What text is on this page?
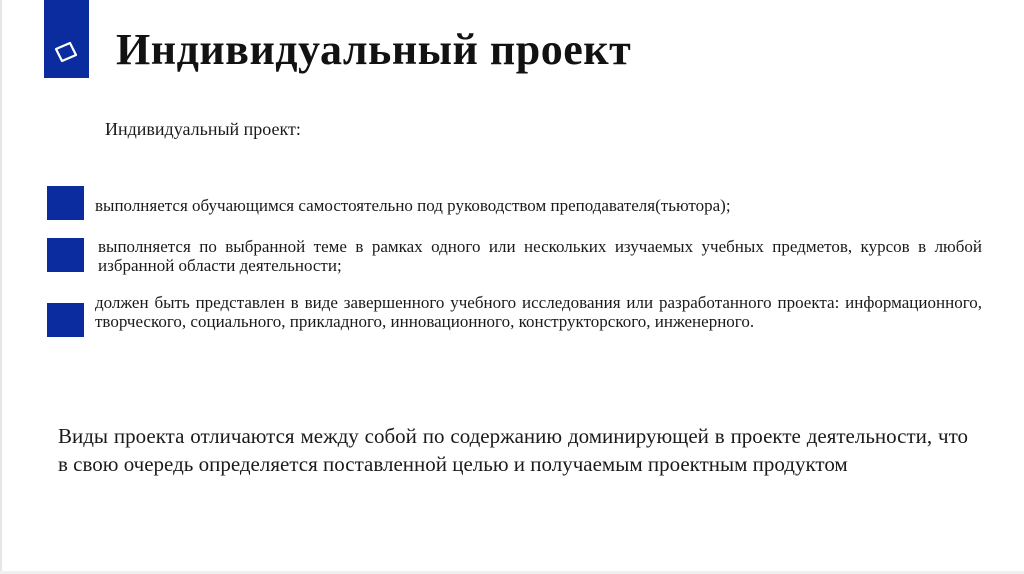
Индивидуальный проект
Индивидуальный проект:
выполняется обучающимся самостоятельно под руководством преподавателя(тьютора);
выполняется по выбранной теме в рамках одного или нескольких изучаемых учебных предметов, курсов в любой избранной области деятельности;
должен быть представлен в виде завершенного учебного исследования или разработанного проекта: информационного, творческого, социального, прикладного, инновационного, конструкторского, инженерного.
Виды проекта отличаются между собой по содержанию доминирующей в проекте деятельности, что в свою очередь определяется поставленной целью и получаемым проектным продуктом
